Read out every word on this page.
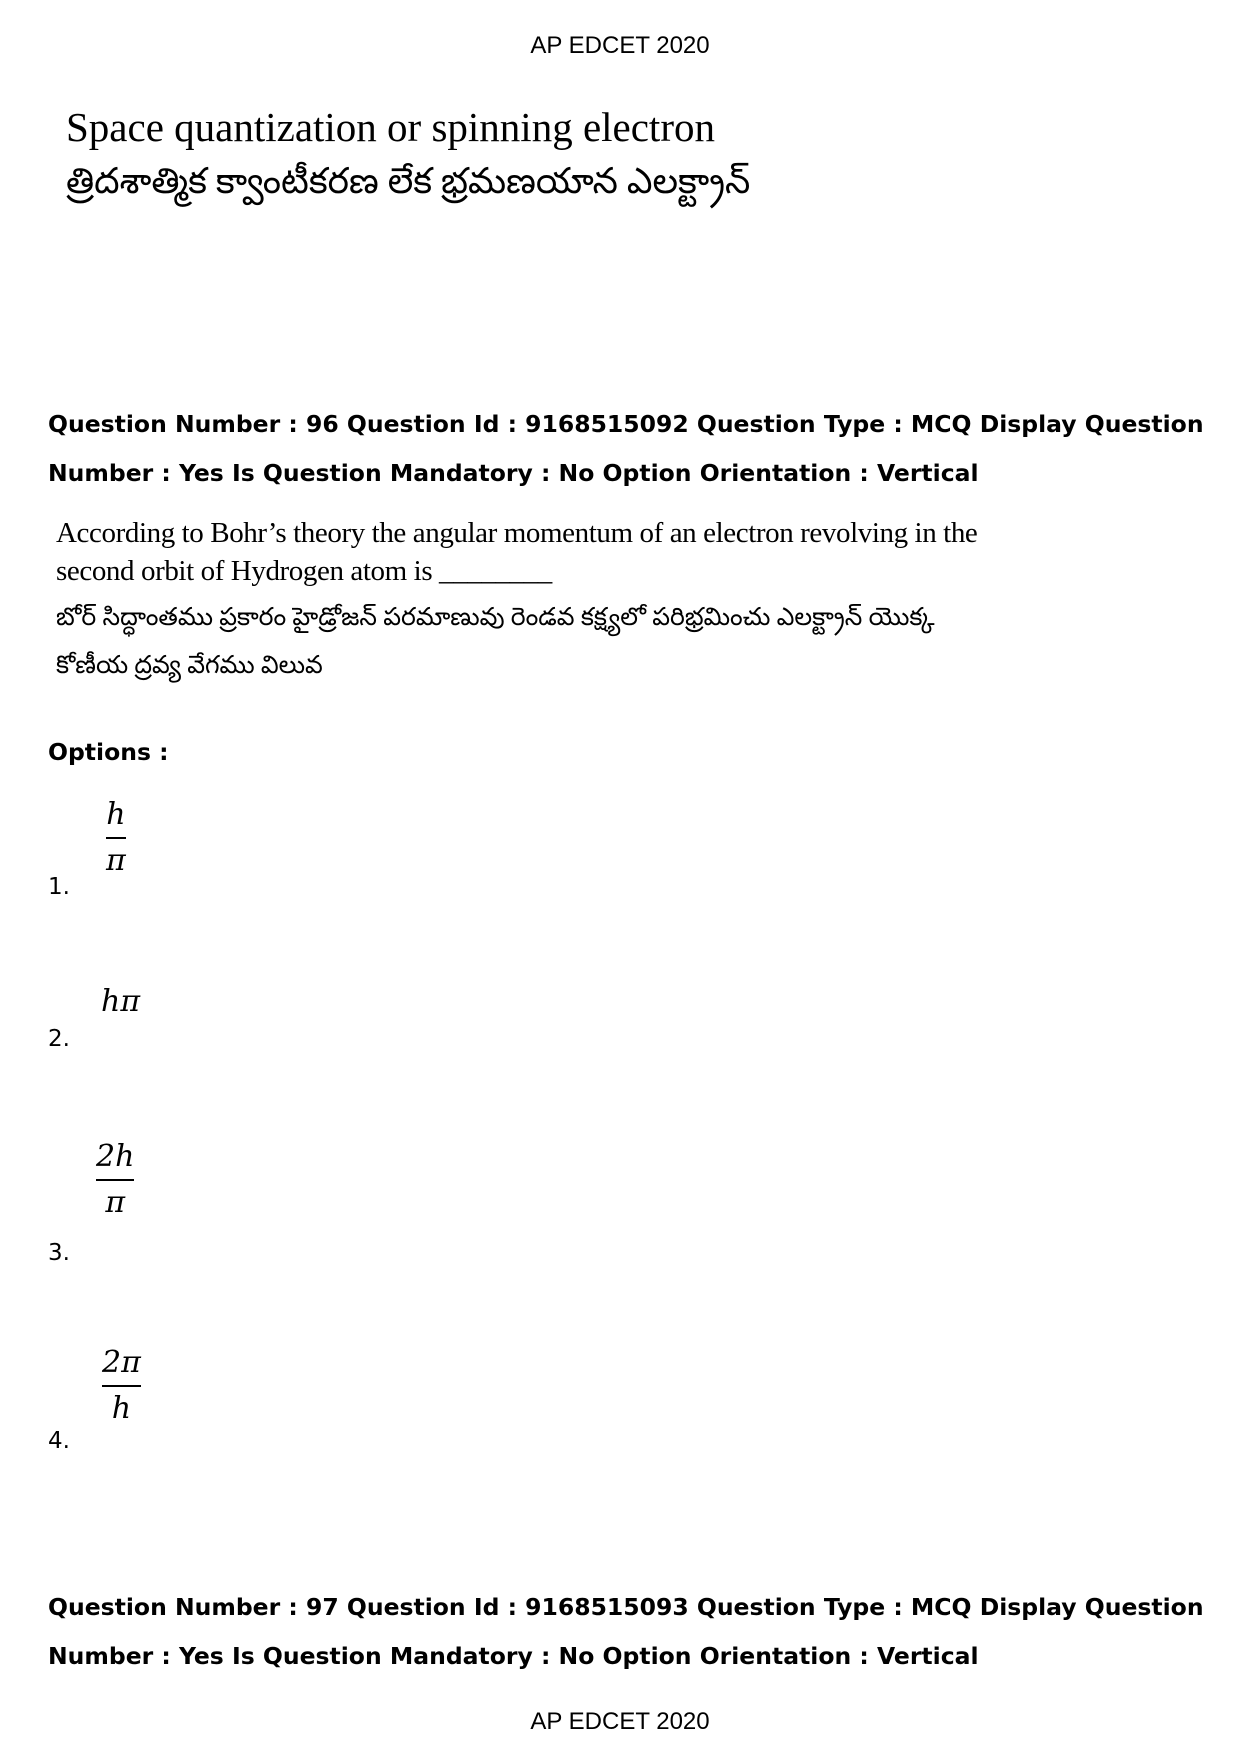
AP EDCET 2020
Space quantization or spinning electron
త్రిదశాత్మిక క్వాంటీకరణ లేక భ్రమణయాన ఎలక్ట్రాన్
Question Number : 96 Question Id : 9168515092 Question Type : MCQ Display Question
Number : Yes Is Question Mandatory : No Option Orientation : Vertical
According to Bohr’s theory the angular momentum of an electron revolving in the
second orbit of Hydrogen atom is ________
బోర్ సిద్ధాంతము ప్రకారం హైడ్రోజన్ పరమాణువు రెండవ కక్ష్యలో పరిభ్రమించు ఎలక్ట్రాన్ యొక్క
కోణీయ ద్రవ్య వేగము విలువ
Options :
h
π
1.
hπ
2.
2h
π
3.
2π
h
4.
Question Number : 97 Question Id : 9168515093 Question Type : MCQ Display Question
Number : Yes Is Question Mandatory : No Option Orientation : Vertical
AP EDCET 2020
